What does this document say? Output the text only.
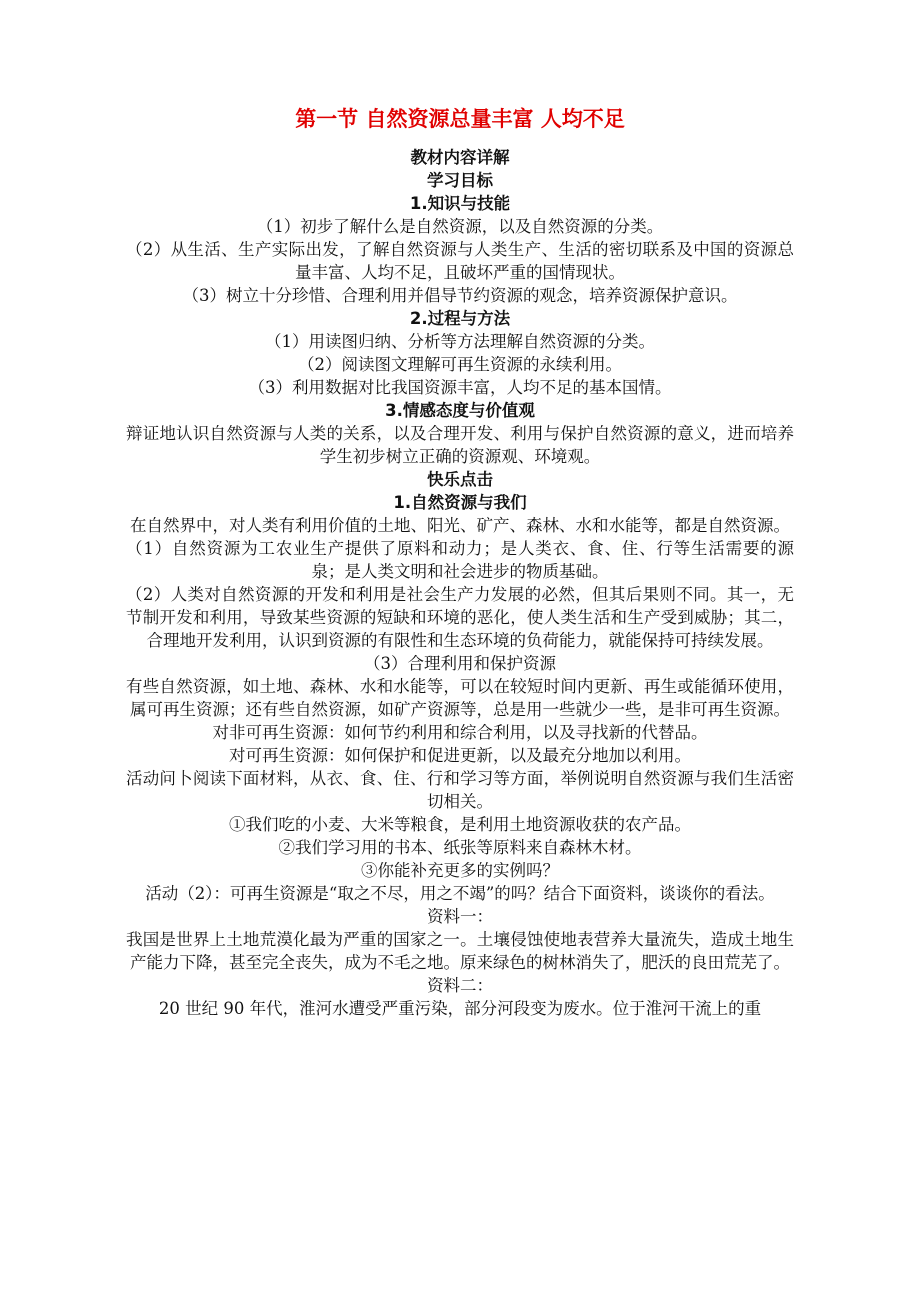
第一节 自然资源总量丰富 人均不足

教材内容详解

学习目标

1.知识与技能

（1）初步了解什么是自然资源，以及自然资源的分类。

（2）从生活、生产实际出发，了解自然资源与人类生产、生活的密切联系及中国的资源总量丰富、人均不足，且破坏严重的国情现状。

（3）树立十分珍惜、合理利用并倡导节约资源的观念，培养资源保护意识。

2.过程与方法

（1）用读图归纳、分析等方法理解自然资源的分类。

（2）阅读图文理解可再生资源的永续利用。

（3）利用数据对比我国资源丰富，人均不足的基本国情。

3.情感态度与价值观

辩证地认识自然资源与人类的关系，以及合理开发、利用与保护自然资源的意义，进而培养学生初步树立正确的资源观、环境观。

快乐点击

1.自然资源与我们

在自然界中，对人类有利用价值的土地、阳光、矿产、森林、水和水能等，都是自然资源。

（1）自然资源为工农业生产提供了原料和动力；是人类衣、食、住、行等生活需要的源泉；是人类文明和社会进步的物质基础。

（2）人类对自然资源的开发和利用是社会生产力发展的必然，但其后果则不同。其一，无节制开发和利用，导致某些资源的短缺和环境的恶化，使人类生活和生产受到威胁；其二，合理地开发利用，认识到资源的有限性和生态环境的负荷能力，就能保持可持续发展。

（3）合理利用和保护资源

有些自然资源，如土地、森林、水和水能等，可以在较短时间内更新、再生或能循环使用，属可再生资源；还有些自然资源，如矿产资源等，总是用一些就少一些，是非可再生资源。

对非可再生资源：如何节约利用和综合利用，以及寻找新的代替品。

对可再生资源：如何保护和促进更新，以及最充分地加以利用。

活动问卜阅读下面材料，从衣、食、住、行和学习等方面，举例说明自然资源与我们生活密切相关。

①我们吃的小麦、大米等粮食，是利用土地资源收获的农产品。

②我们学习用的书本、纸张等原料来自森林木材。

③你能补充更多的实例吗？

活动（2）：可再生资源是“取之不尽，用之不竭”的吗？结合下面资料，谈谈你的看法。

资料一：

我国是世界上土地荒漠化最为严重的国家之一。土壤侵蚀使地表营养大量流失，造成土地生产能力下降，甚至完全丧失，成为不毛之地。原来绿色的树林消失了，肥沃的良田荒芜了。

资料二：

20 世纪 90 年代，淮河水遭受严重污染，部分河段变为废水。位于淮河干流上的重
